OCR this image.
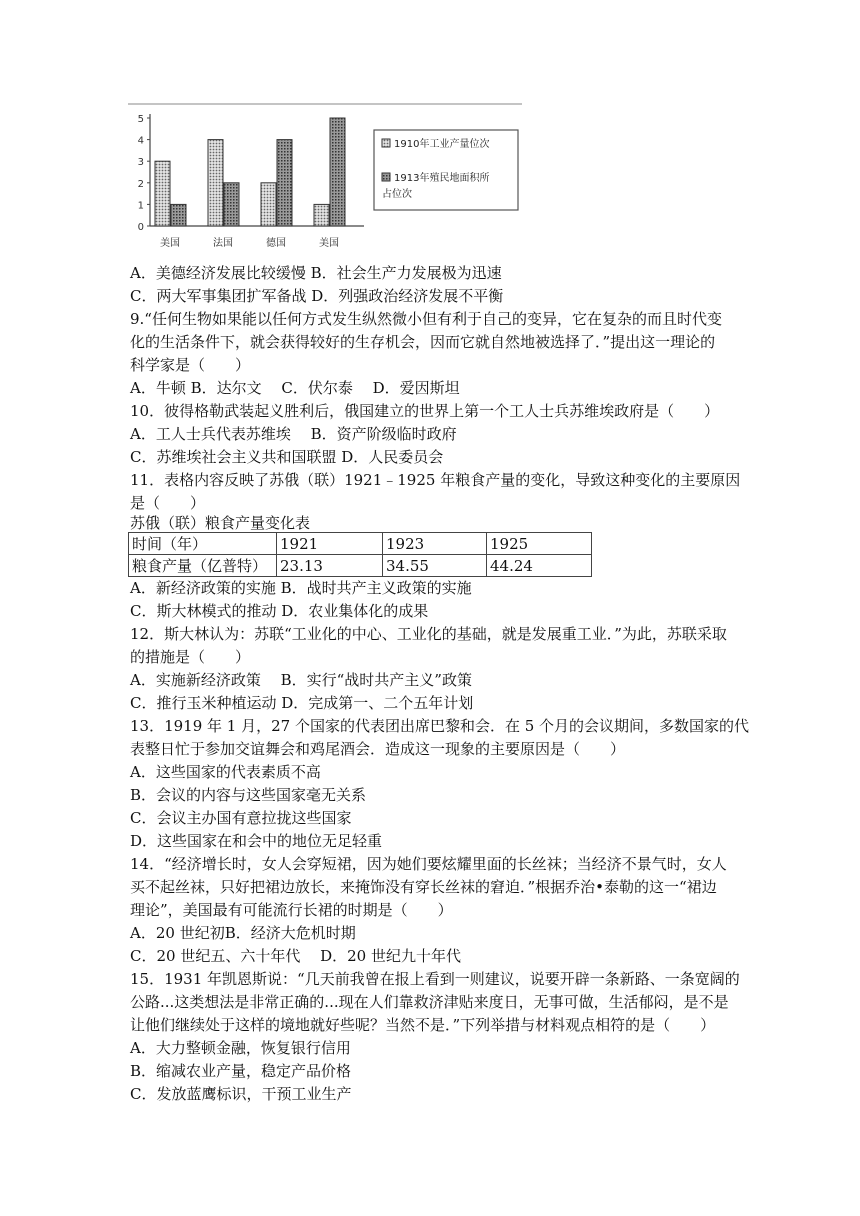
0
1
2
3
4
5
美国	法国	德国	美国
1910年工业产量位次
1913年殖民地面积所
占位次
A．美德经济发展比较缓慢 B．社会生产力发展极为迅速
C．两大军事集团扩军备战 D．列强政治经济发展不平衡
9.“任何生物如果能以任何方式发生纵然微小但有利于自己的变异，它在复杂的而且时代变
化的生活条件下，就会获得较好的生存机会，因而它就自然地被选择了．”提出这一理论的
科学家是（　　）
A．牛顿 B．达尔文　 C．伏尔泰　 D．爱因斯坦
10．彼得格勒武装起义胜利后，俄国建立的世界上第一个工人士兵苏维埃政府是（　　）
A．工人士兵代表苏维埃　 B．资产阶级临时政府
C．苏维埃社会主义共和国联盟 D．人民委员会
11．表格内容反映了苏俄（联）1921﹣1925 年粮食产量的变化，导致这种变化的主要原因
是（　　）
苏俄（联）粮食产量变化表
时间（年）	1921	1923	1925
粮食产量（亿普特）	23.13	34.55	44.24
A．新经济政策的实施 B．战时共产主义政策的实施
C．斯大林模式的推动 D．农业集体化的成果
12．斯大林认为：苏联“工业化的中心、工业化的基础，就是发展重工业．”为此，苏联采取
的措施是（　　）
A．实施新经济政策　 B．实行“战时共产主义”政策
C．推行玉米种植运动 D．完成第一、二个五年计划
13．1919 年 1 月，27 个国家的代表团出席巴黎和会．在 5 个月的会议期间，多数国家的代
表整日忙于参加交谊舞会和鸡尾酒会．造成这一现象的主要原因是（　　）
A．这些国家的代表素质不高
B．会议的内容与这些国家毫无关系
C．会议主办国有意拉拢这些国家
D．这些国家在和会中的地位无足轻重
14．“经济增长时，女人会穿短裙，因为她们要炫耀里面的长丝袜；当经济不景气时，女人
买不起丝袜，只好把裙边放长，来掩饰没有穿长丝袜的窘迫．”根据乔治•泰勒的这一“裙边
理论”，美国最有可能流行长裙的时期是（　　）
A．20 世纪初B．经济大危机时期
C．20 世纪五、六十年代　 D．20 世纪九十年代
15．1931 年凯恩斯说：“几天前我曾在报上看到一则建议，说要开辟一条新路、一条宽阔的
公路...这类想法是非常正确的...现在人们靠救济津贴来度日，无事可做，生活郁闷，是不是
让他们继续处于这样的境地就好些呢？当然不是．”下列举措与材料观点相符的是（　　）
A．大力整顿金融，恢复银行信用
B．缩减农业产量，稳定产品价格
C．发放蓝鹰标识，干预工业生产
